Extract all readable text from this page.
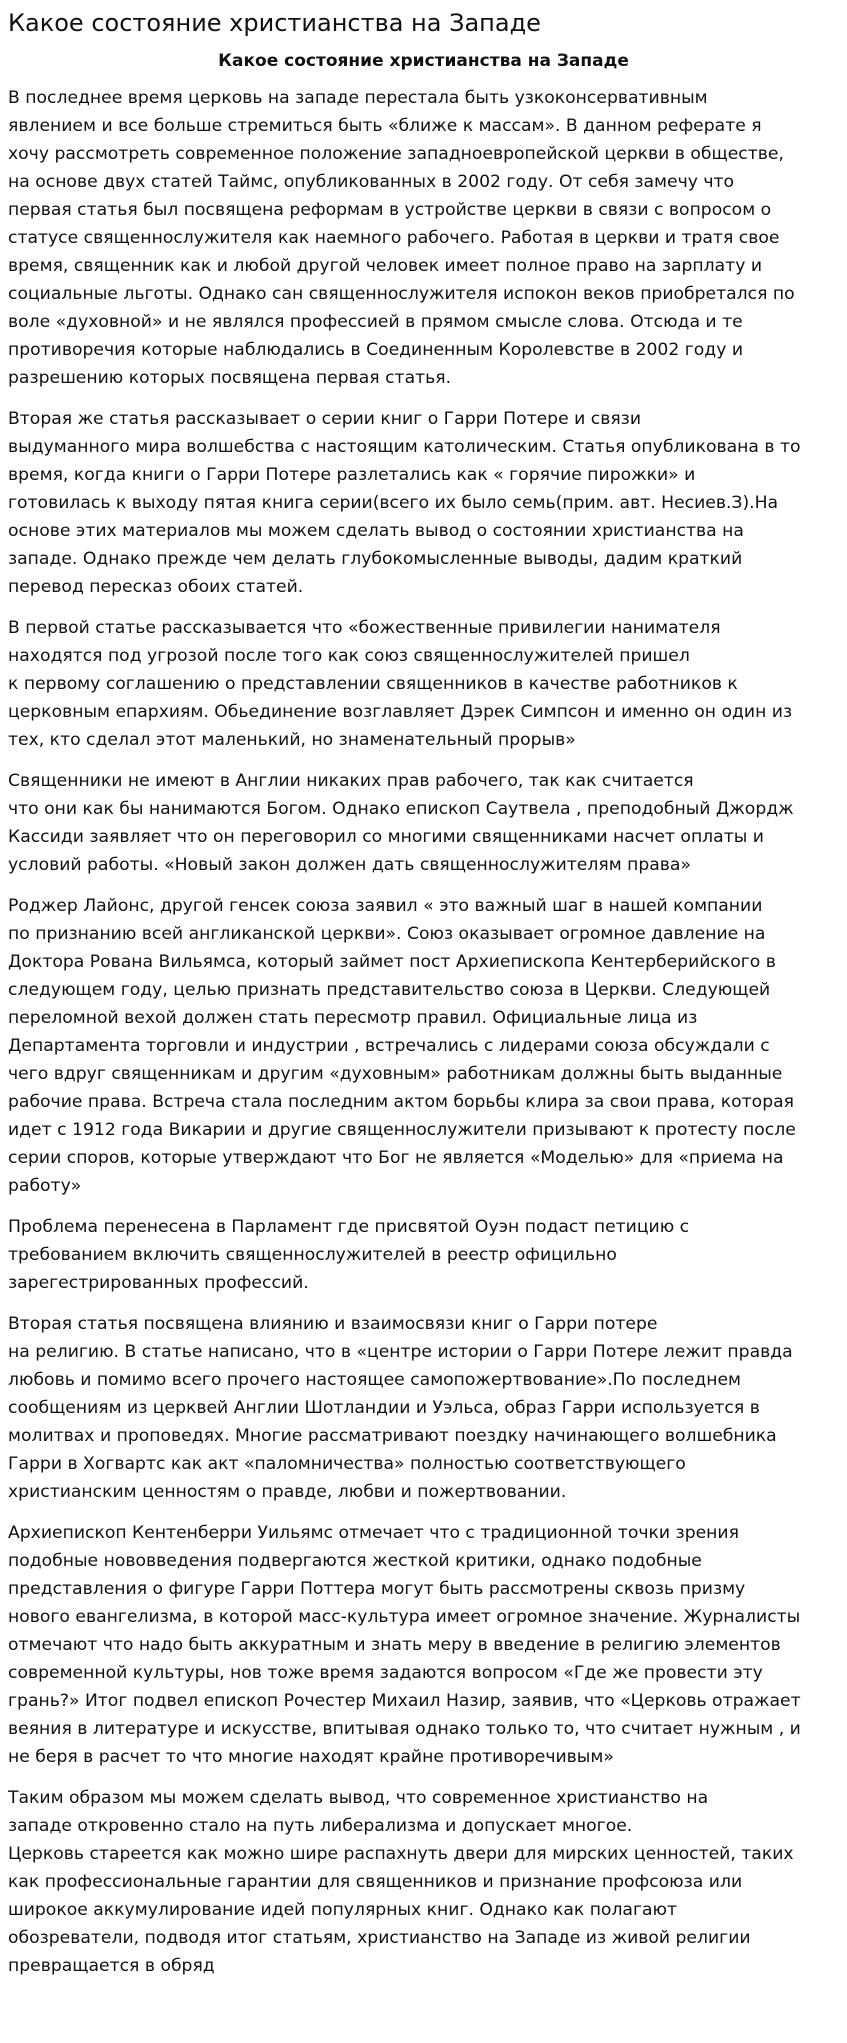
Какое состояние христианства на Западе
Какое состояние христианства на Западе

В последнее время церковь на западе перестала быть узкоконсервативным
явлением и все больше стремиться быть «ближе к массам». В данном реферате я
хочу рассмотреть современное положение западноевропейской церкви в обществе,
на основе двух статей Таймс, опубликованных в 2002 году. От себя замечу что
первая статья был посвящена реформам в устройстве церкви в связи с вопросом о
статусе священнослужителя как наемного рабочего. Работая в церкви и тратя свое
время, священник как и любой другой человек имеет полное право на зарплату и
социальные льготы. Однако сан священнослужителя испокон веков приобретался по
воле «духовной» и не являлся профессией в прямом смысле слова. Отсюда и те
противоречия которые наблюдались в Соединенным Королевстве в 2002 году и
разрешению которых посвящена первая статья.

Вторая же статья рассказывает о серии книг о Гарри Потере и связи
выдуманного мира волшебства с настоящим католическим. Статья опубликована в то
время, когда книги о Гарри Потере разлетались как « горячие пирожки» и
готовилась к выходу пятая книга серии(всего их было семь(прим. авт. Несиев.З).На
основе этих материалов мы можем сделать вывод о состоянии христианства на
западе. Однако прежде чем делать глубокомысленные выводы, дадим краткий
перевод пересказ обоих статей.

В первой статье рассказывается что «божественные привилегии нанимателя
находятся под угрозой после того как союз священнослужителей пришел
к первому соглашению о представлении священников в качестве работников к
церковным епархиям. Обьединение возглавляет Дэрек Симпсон и именно он один из
тех, кто сделал этот маленький, но знаменательный прорыв»

Священники не имеют в Англии никаких прав рабочего, так как считается
что они как бы нанимаются Богом. Однако епископ Саутвела , преподобный Джордж
Кассиди заявляет что он переговорил со многими священниками насчет оплаты и
условий работы. «Новый закон должен дать священнослужителям права»

Роджер Лайонс, другой генсек союза заявил « это важный шаг в нашей компании
по признанию всей англиканской церкви». Союз оказывает огромное давление на
Доктора Рована Вильямса, который займет пост Архиепископа Кентерберийского в
следующем году, целью признать представительство союза в Церкви. Следующей
переломной вехой должен стать пересмотр правил. Официальные лица из
Департамента торговли и индустрии , встречались с лидерами союза обсуждали с
чего вдруг священникам и другим «духовным» работникам должны быть выданные
рабочие права. Встреча стала последним актом борьбы клира за свои права, которая
идет с 1912 года Викарии и другие священнослужители призывают к протесту после
серии споров, которые утверждают что Бог не является «Моделью» для «приема на
работу»

Проблема перенесена в Парламент где присвятой Оуэн подаст петицию с
требованием включить священнослужителей в реестр официльно
зарегестрированных профессий.

Вторая статья посвящена влиянию и взаимосвязи книг о Гарри потере
на религию. В статье написано, что в «центре истории о Гарри Потере лежит правда
любовь и помимо всего прочего настоящее самопожертвование».По последнем
сообщениям из церквей Англии Шотландии и Уэльса, образ Гарри используется в
молитвах и проповедях. Многие рассматривают поездку начинающего волшебника
Гарри в Хогвартс как акт «паломничества» полностью соответствующего
христианским ценностям о правде, любви и пожертвовании.

Архиепископ Кентенберри Уильямс отмечает что с традиционной точки зрения
подобные нововведения подвергаются жесткой критики, однако подобные
представления о фигуре Гарри Поттера могут быть рассмотрены сквозь призму
нового евангелизма, в которой масс-культура имеет огромное значение. Журналисты
отмечают что надо быть аккуратным и знать меру в введение в религию элементов
современной культуры, нов тоже время задаются вопросом «Где же провести эту
грань?» Итог подвел епископ Рочестер Михаил Назир, заявив, что «Церковь отражает
веяния в литературе и искусстве, впитывая однако только то, что считает нужным , и
не беря в расчет то что многие находят крайне противоречивым»

Таким образом мы можем сделать вывод, что современное христианство на
западе откровенно стало на путь либерализма и допускает многое.
Церковь стареется как можно шире распахнуть двери для мирских ценностей, таких
как профессиональные гарантии для священников и признание профсоюза или
широкое аккумулирование идей популярных книг. Однако как полагают
обозреватели, подводя итог статьям, христианство на Западе из живой религии
превращается в обряд
